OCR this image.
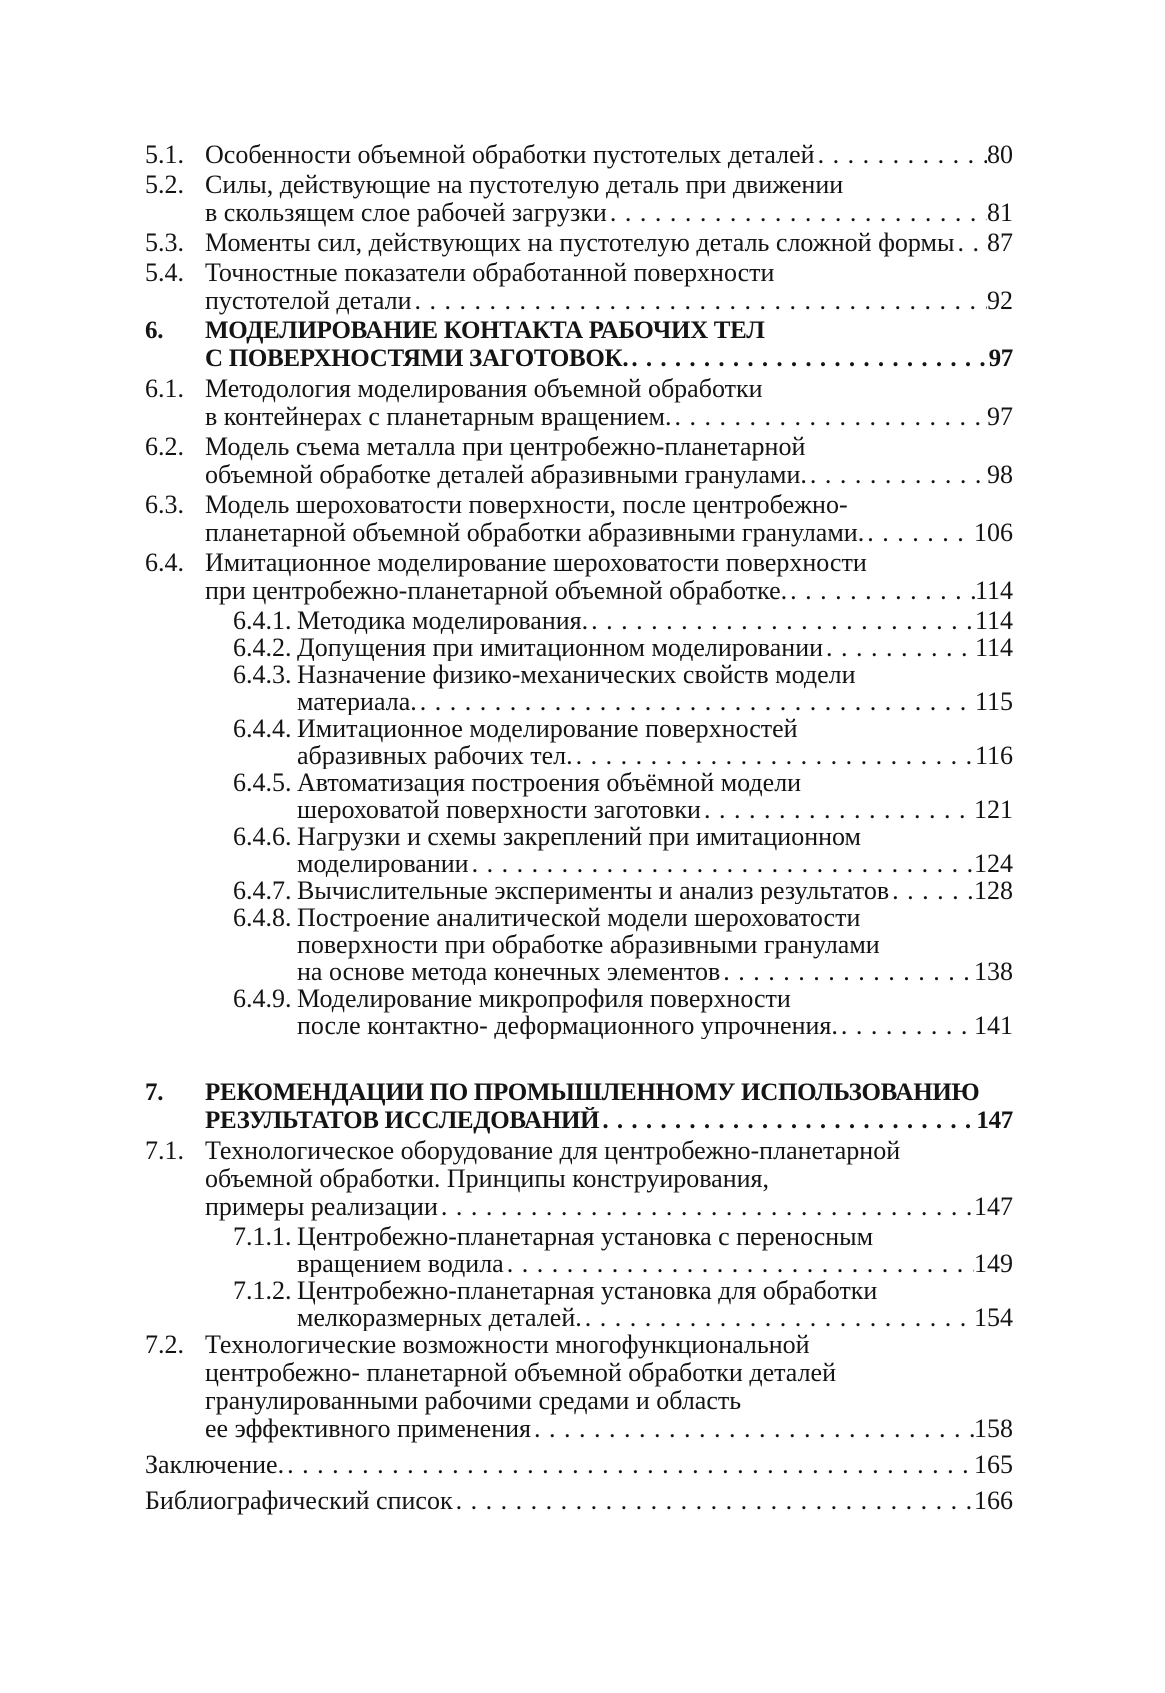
5.1. Особенности объемной обработки пустотелых деталей . . .	80
5.2. Силы, действующие на пустотелую деталь при движении
в скользящем слое рабочей загрузки . . .	81
5.3. Моменты сил, действующих на пустотелую деталь сложной формы . . . 87
5.4. Точностные показатели обработанной поверхности
пустотелой детали . . .	92
6.	МОДЕЛИРОВАНИЕ КОНТАКТА РАБОЧИХ ТЕЛ
С ПОВЕРХНОСТЯМИ ЗАГОТОВОК. . . .	97
6.1. Методология моделирования объемной обработки
в контейнерах с планетарным вращением. . . .	97
6.2. Модель съема металла при центробежно-планетарной
объемной обработке деталей абразивными гранулами. . . .	98
6.3. Модель шероховатости поверхности, после центробежно-
планетарной объемной обработки абразивными гранулами. . . .	106
6.4. Имитационное моделирование шероховатости поверхности
при центробежно-планетарной объемной обработке. . . .	114
6.4.1. Методика моделирования. . . .	114
6.4.2. Допущения при имитационном моделировании . . .	114
6.4.3. Назначение физико-механических свойств модели
материала. . . .	115
6.4.4. Имитационное моделирование поверхностей
абразивных рабочих тел. . . .	116
6.4.5. Автоматизация построения объёмной модели
шероховатой поверхности заготовки . . .	121
6.4.6. Нагрузки и схемы закреплений при имитационном
моделировании . . .	124
6.4.7. Вычислительные эксперименты и анализ результатов . . .	128
6.4.8. Построение аналитической модели шероховатости
поверхности при обработке абразивными гранулами
на основе метода конечных элементов . . .	138
6.4.9. Моделирование микропрофиля поверхности
после контактно- деформационного упрочнения. . . .	141
7.	РЕКОМЕНДАЦИИ ПО ПРОМЫШЛЕННОМУ ИСПОЛЬЗОВАНИЮ
РЕЗУЛЬТАТОВ ИССЛЕДОВАНИЙ . . .	147
7.1. Технологическое оборудование для центробежно-планетарной
объемной обработки. Принципы конструирования,
примеры реализации . . .	147
7.1.1. Центробежно-планетарная установка с переносным
вращением водила . . .	149
7.1.2. Центробежно-планетарная установка для обработки
мелкоразмерных деталей. . . .	154
7.2. Технологические возможности многофункциональной
центробежно- планетарной объемной обработки деталей
гранулированными рабочими средами и область
ее эффективного применения . . .	158
Заключение. . . .	165
Библиографический список . . .	166
